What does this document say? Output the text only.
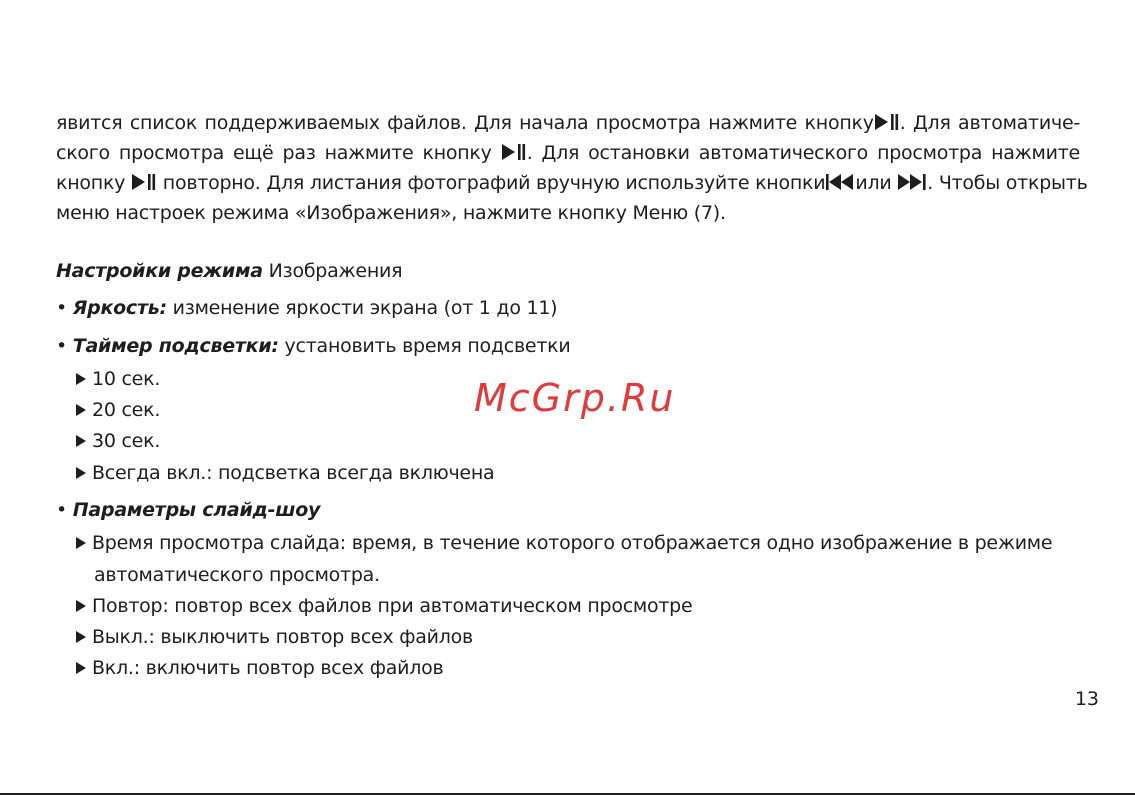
явится список поддерживаемых файлов. Для начала просмотра нажмите кнопку . Для автоматиче-
ского просмотра ещё раз нажмите кнопку . Для остановки автоматического просмотра нажмите
кнопку повторно. Для листания фотографий вручную используйте кнопки или . Чтобы открыть
меню настроек режима «Изображения», нажмите кнопку Меню (7).
Настройки режима Изображения
• Яркость: изменение яркости экрана (от 1 до 11)
• Таймер подсветки: установить время подсветки
10 сек.
20 сек.
30 сек.
Всегда вкл.: подсветка всегда включена
• Параметры слайд-шоу
Время просмотра слайда: время, в течение которого отображается одно изображение в режиме
автоматического просмотра.
Повтор: повтор всех файлов при автоматическом просмотре
Выкл.: выключить повтор всех файлов
Вкл.: включить повтор всех файлов
McGrp.Ru
13
